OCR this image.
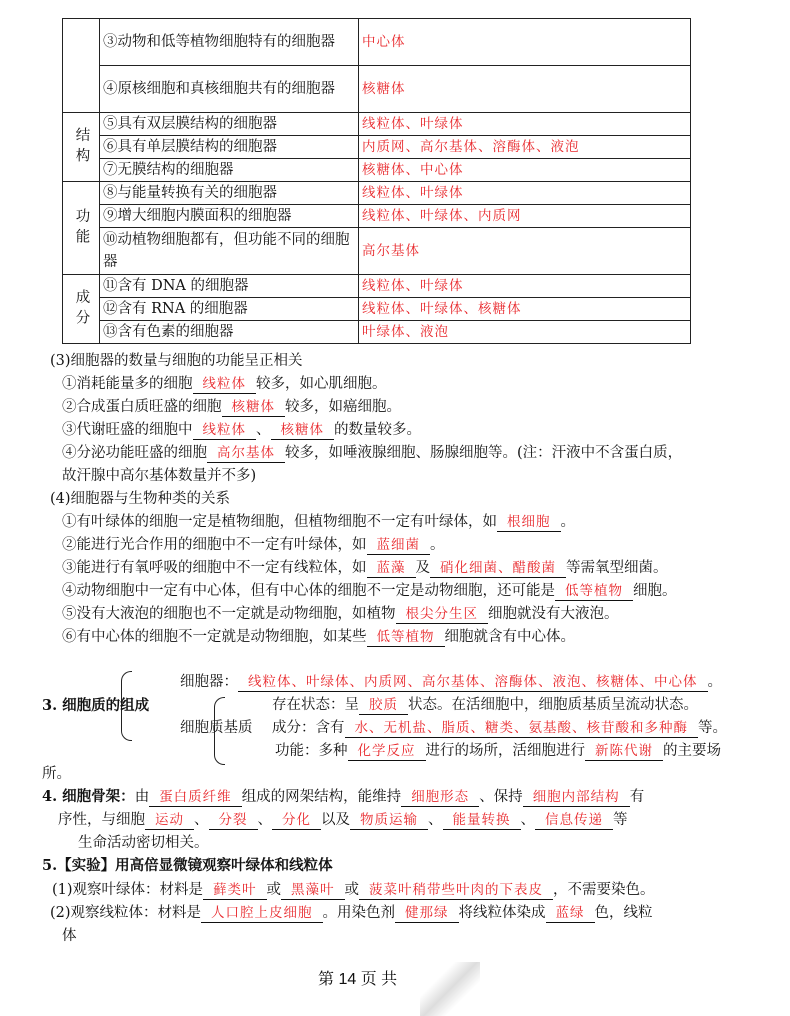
	③动物和低等植物细胞特有的细胞器	中心体
	④原核细胞和真核细胞共有的细胞器	核糖体
结构	⑤具有双层膜结构的细胞器	线粒体、叶绿体
	⑥具有单层膜结构的细胞器	内质网、高尔基体、溶酶体、液泡
	⑦无膜结构的细胞器	核糖体、中心体
功能	⑧与能量转换有关的细胞器	线粒体、叶绿体
	⑨增大细胞内膜面积的细胞器	线粒体、叶绿体、内质网
	⑩动植物细胞都有，但功能不同的细胞器	高尔基体
成分	⑪含有 DNA 的细胞器	线粒体、叶绿体
	⑫含有 RNA 的细胞器	线粒体、叶绿体、核糖体
	⑬含有色素的细胞器	叶绿体、液泡
(3)细胞器的数量与细胞的功能呈正相关
①消耗能量多的细胞 线粒体 较多，如心肌细胞。
②合成蛋白质旺盛的细胞 核糖体 较多，如癌细胞。
③代谢旺盛的细胞中 线粒体 、 核糖体 的数量较多。
④分泌功能旺盛的细胞 高尔基体 较多，如唾液腺细胞、肠腺细胞等。(注：汗液中不含蛋白质，
故汗腺中高尔基体数量并不多)
(4)细胞器与生物种类的关系
①有叶绿体的细胞一定是植物细胞，但植物细胞不一定有叶绿体，如 根细胞 。
②能进行光合作用的细胞中不一定有叶绿体，如 蓝细菌 。
③能进行有氧呼吸的细胞中不一定有线粒体，如 蓝藻 及 硝化细菌、醋酸菌 等需氧型细菌。
④动物细胞中一定有中心体，但有中心体的细胞不一定是动物细胞，还可能是 低等植物 细胞。
⑤没有大液泡的细胞也不一定就是动物细胞，如植物 根尖分生区 细胞就没有大液泡。
⑥有中心体的细胞不一定就是动物细胞，如某些 低等植物 细胞就含有中心体。
细胞器： 线粒体、叶绿体、内质网、高尔基体、溶酶体、液泡、核糖体、中心体 。
3. 细胞质的组成	存在状态：呈 胶质 状态。在活细胞中，细胞质基质呈流动状态。
细胞质基质 成分：含有 水、无机盐、脂质、糖类、氨基酸、核苷酸和多种酶 等。
功能：多种 化学反应 进行的场所，活细胞进行 新陈代谢 的主要场
所。
4. 细胞骨架：由 蛋白质纤维 组成的网架结构，能维持 细胞形态 、保持 细胞内部结构 有
序性，与细胞 运动 、 分裂 、 分化 以及 物质运输 、 能量转换 、 信息传递 等
生命活动密切相关。
5.【实验】用高倍显微镜观察叶绿体和线粒体
(1)观察叶绿体：材料是 藓类叶 或 黑藻叶 或 菠菜叶稍带些叶肉的下表皮 ，不需要染色。
(2)观察线粒体：材料是 人口腔上皮细胞 。用染色剂 健那绿 将线粒体染成 蓝绿 色，线粒
体
第 14 页 共
